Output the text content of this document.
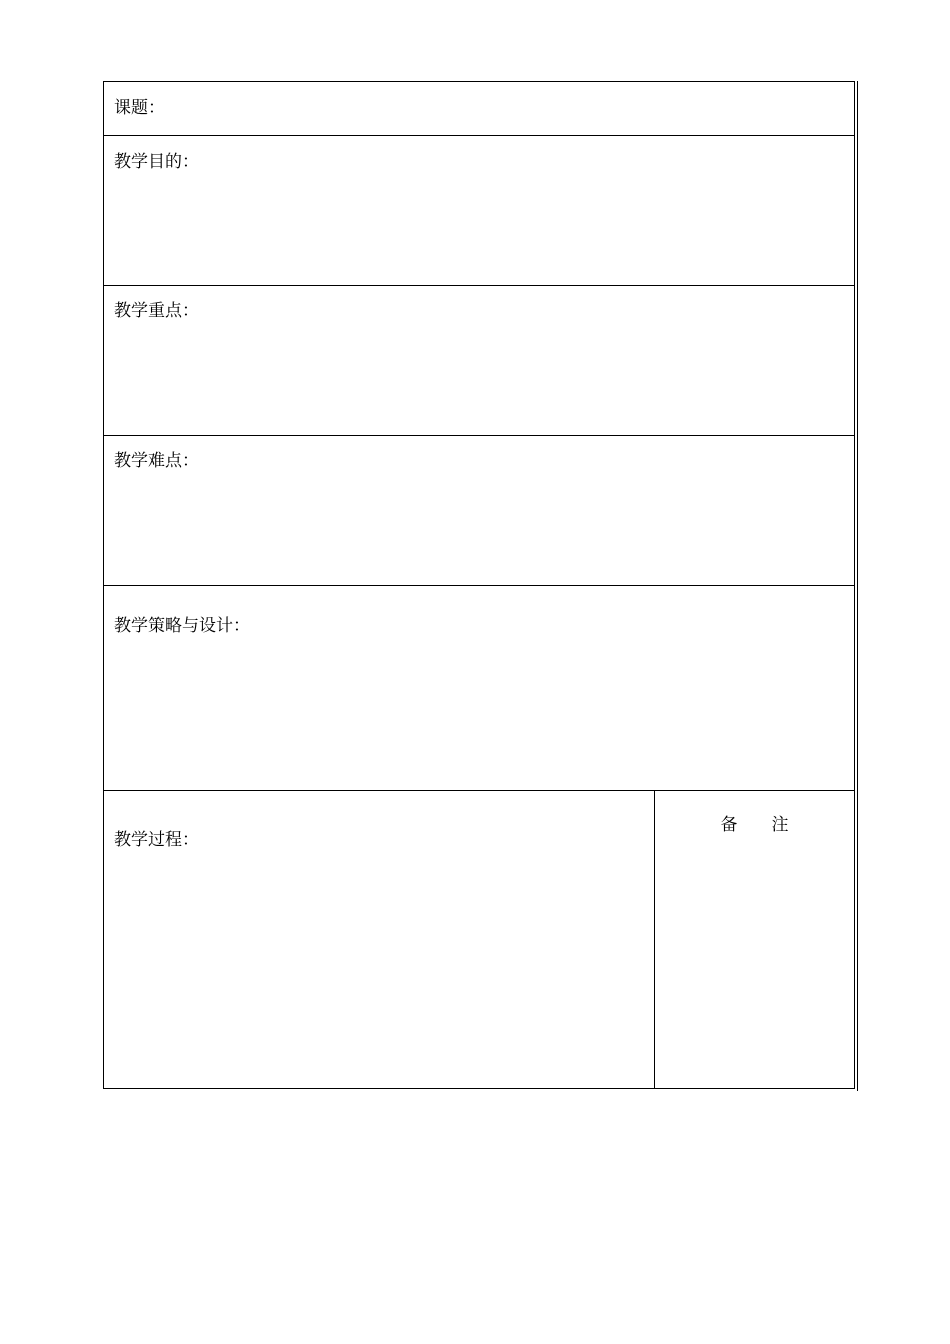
课题：
教学目的：
教学重点：
教学难点：
教学策略与设计：
教学过程：
备　　注
